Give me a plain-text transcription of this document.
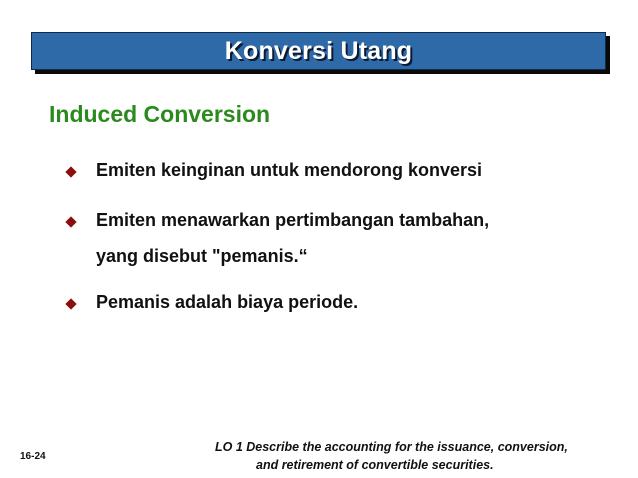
Konversi Utang
Induced Conversion
Emiten keinginan untuk mendorong konversi
Emiten menawarkan pertimbangan tambahan,
yang disebut "pemanis.“
Pemanis adalah biaya periode.
16-24
LO 1 Describe the accounting for the issuance, conversion,
and retirement of convertible securities.
